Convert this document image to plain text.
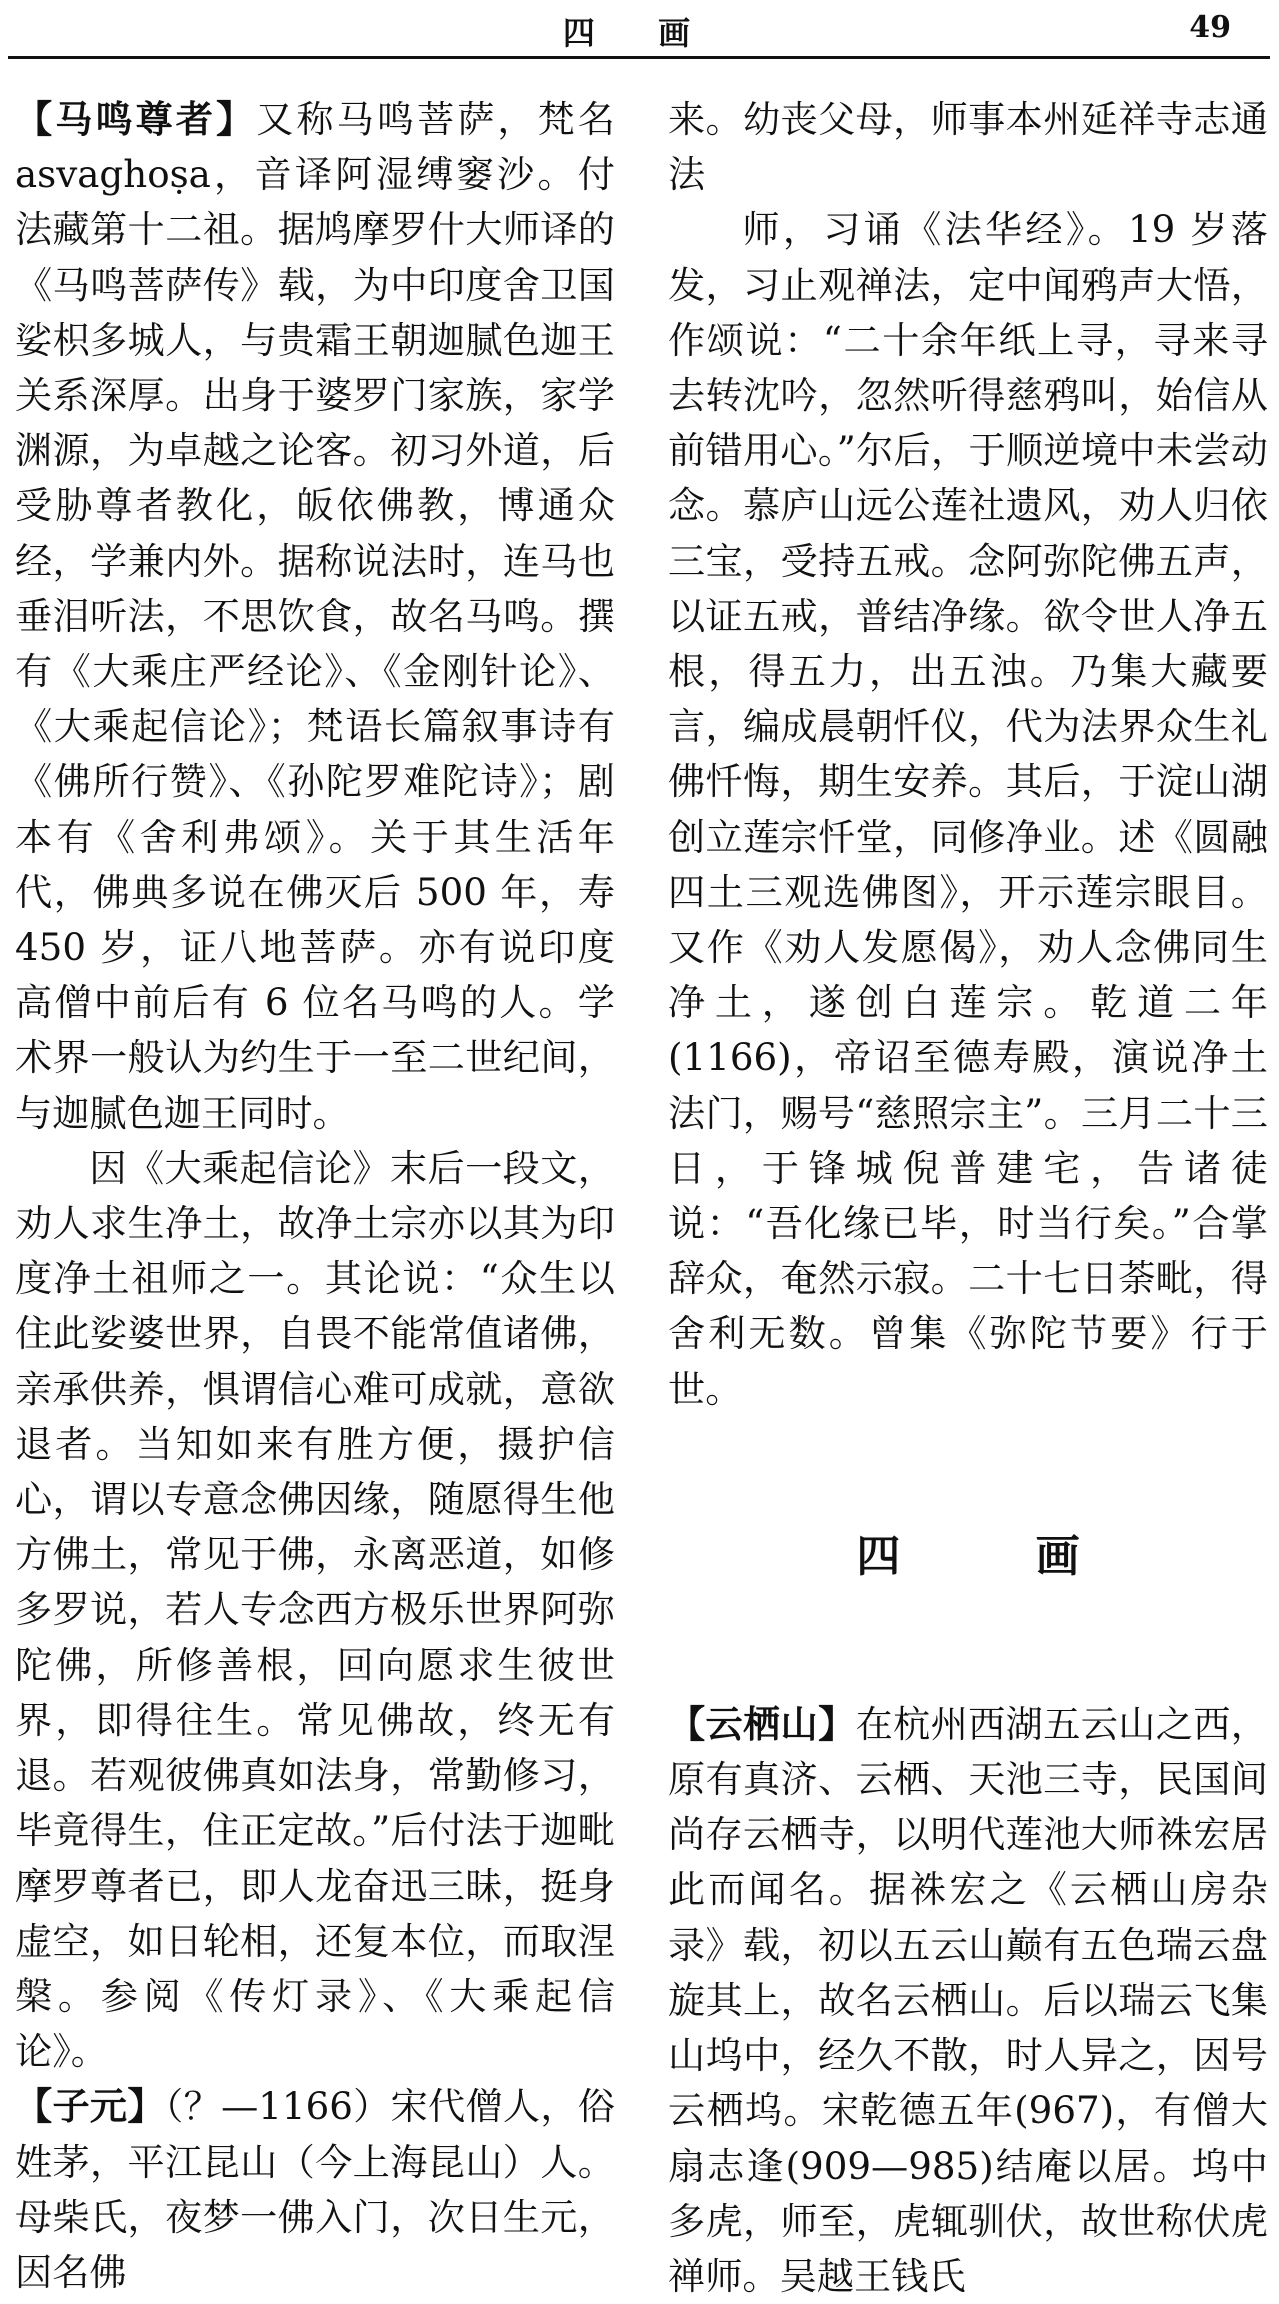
四 画	49

【马鸣尊者】又称马鸣菩萨，梵名 asvaghoṣa，音译阿湿缚窭沙。付法藏第十二祖。据鸠摩罗什大师译的《马鸣菩萨传》载，为中印度舍卫国娑枳多城人，与贵霜王朝迦腻色迦王关系深厚。出身于婆罗门家族，家学渊源，为卓越之论客。初习外道，后受胁尊者教化，皈依佛教，博通众经，学兼内外。据称说法时，连马也垂泪听法，不思饮食，故名马鸣。撰有《大乘庄严经论》、《金刚针论》、《大乘起信论》；梵语长篇叙事诗有《佛所行赞》、《孙陀罗难陀诗》；剧本有《舍利弗颂》。关于其生活年代，佛典多说在佛灭后 500 年，寿 450 岁，证八地菩萨。亦有说印度高僧中前后有 6 位名马鸣的人。学术界一般认为约生于一至二世纪间，与迦腻色迦王同时。

因《大乘起信论》末后一段文，劝人求生净土，故净土宗亦以其为印度净土祖师之一。其论说：“众生以住此娑婆世界，自畏不能常值诸佛，亲承供养，惧谓信心难可成就，意欲退者。当知如来有胜方便，摄护信心，谓以专意念佛因缘，随愿得生他方佛土，常见于佛，永离恶道，如修多罗说，若人专念西方极乐世界阿弥陀佛，所修善根，回向愿求生彼世界，即得往生。常见佛故，终无有退。若观彼佛真如法身，常勤修习，毕竟得生，住正定故。”后付法于迦毗摩罗尊者已，即人龙奋迅三昧，挺身虚空，如日轮相，还复本位，而取涅槃。参阅《传灯录》、《大乘起信论》。

【子元】（？—1166）宋代僧人，俗姓茅，平江昆山（今上海昆山）人。母柴氏，夜梦一佛入门，次日生元，因名佛

来。幼丧父母，师事本州延祥寺志通法

师，习诵《法华经》。19 岁落发，习止观禅法，定中闻鸦声大悟，作颂说：“二十余年纸上寻，寻来寻去转沈吟，忽然听得慈鸦叫，始信从前错用心。”尔后，于顺逆境中未尝动念。慕庐山远公莲社遗风，劝人归依三宝，受持五戒。念阿弥陀佛五声，以证五戒，普结净缘。欲令世人净五根，得五力，出五浊。乃集大藏要言，编成晨朝忏仪，代为法界众生礼佛忏悔，期生安养。其后，于淀山湖创立莲宗忏堂，同修净业。述《圆融四土三观选佛图》，开示莲宗眼目。又作《劝人发愿偈》，劝人念佛同生净土，遂创白莲宗。乾道二年(1166)，帝诏至德寿殿，演说净土法门，赐号“慈照宗主”。三月二十三日，于锋城倪普建宅，告诸徒说：“吾化缘已毕，时当行矣。”合掌辞众，奄然示寂。二十七日荼毗，得舍利无数。曾集《弥陀节要》行于世。

四 画

【云栖山】在杭州西湖五云山之西，原有真济、云栖、天池三寺，民国间尚存云栖寺，以明代莲池大师袾宏居此而闻名。据袾宏之《云栖山房杂录》载，初以五云山巅有五色瑞云盘旋其上，故名云栖山。后以瑞云飞集山坞中，经久不散，时人异之，因号云栖坞。宋乾德五年(967)，有僧大扇志逢(909—985)结庵以居。坞中多虎，师至，虎辄驯伏，故世称伏虎禅师。吴越王钱氏
